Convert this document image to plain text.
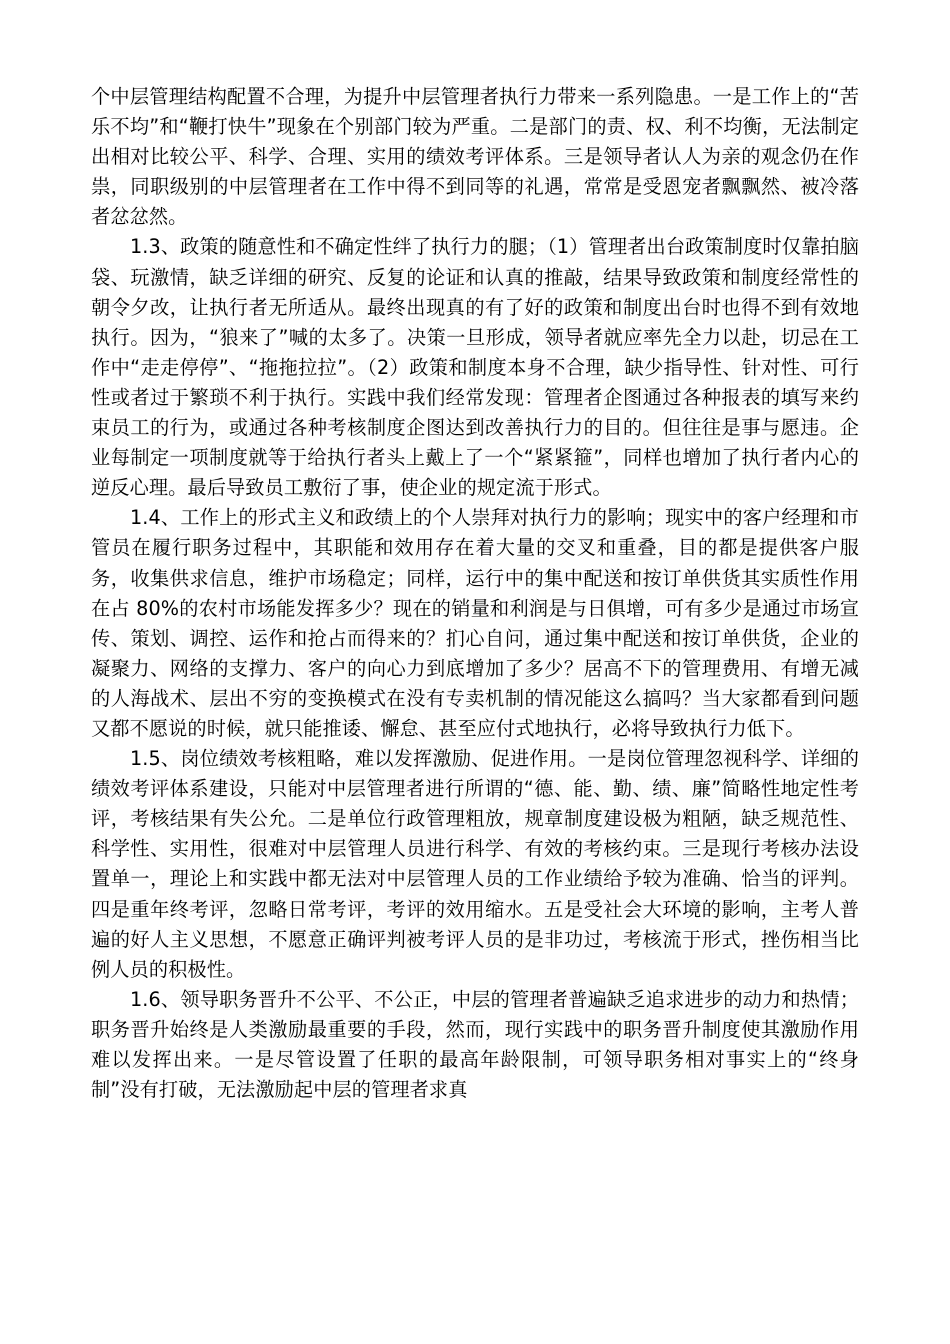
个中层管理结构配置不合理，为提升中层管理者执行力带来一系列隐患。一是工作上的“苦乐不均”和“鞭打快牛”现象在个别部门较为严重。二是部门的责、权、利不均衡，无法制定出相对比较公平、科学、合理、实用的绩效考评体系。三是领导者认人为亲的观念仍在作祟，同职级别的中层管理者在工作中得不到同等的礼遇，常常是受恩宠者飘飘然、被冷落者忿忿然。

1.3、政策的随意性和不确定性绊了执行力的腿；（1）管理者出台政策制度时仅靠拍脑袋、玩激情，缺乏详细的研究、反复的论证和认真的推敲，结果导致政策和制度经常性的朝令夕改，让执行者无所适从。最终出现真的有了好的政策和制度出台时也得不到有效地执行。因为，“狼来了”喊的太多了。决策一旦形成，领导者就应率先全力以赴，切忌在工作中“走走停停”、“拖拖拉拉”。（2）政策和制度本身不合理，缺少指导性、针对性、可行性或者过于繁琐不利于执行。实践中我们经常发现：管理者企图通过各种报表的填写来约束员工的行为，或通过各种考核制度企图达到改善执行力的目的。但往往是事与愿违。企业每制定一项制度就等于给执行者头上戴上了一个“紧紧箍”，同样也增加了执行者内心的逆反心理。最后导致员工敷衍了事，使企业的规定流于形式。

1.4、工作上的形式主义和政绩上的个人崇拜对执行力的影响；现实中的客户经理和市管员在履行职务过程中，其职能和效用存在着大量的交叉和重叠，目的都是提供客户服务，收集供求信息，维护市场稳定；同样，运行中的集中配送和按订单供货其实质性作用在占 80%的农村市场能发挥多少？现在的销量和利润是与日俱增，可有多少是通过市场宣传、策划、调控、运作和抢占而得来的？扪心自问，通过集中配送和按订单供货，企业的凝聚力、网络的支撑力、客户的向心力到底增加了多少？居高不下的管理费用、有增无减的人海战术、层出不穷的变换模式在没有专卖机制的情况能这么搞吗？当大家都看到问题又都不愿说的时候，就只能推诿、懈怠、甚至应付式地执行，必将导致执行力低下。

1.5、岗位绩效考核粗略，难以发挥激励、促进作用。一是岗位管理忽视科学、详细的绩效考评体系建设，只能对中层管理者进行所谓的“德、能、勤、绩、廉”简略性地定性考评，考核结果有失公允。二是单位行政管理粗放，规章制度建设极为粗陋，缺乏规范性、科学性、实用性，很难对中层管理人员进行科学、有效的考核约束。三是现行考核办法设置单一，理论上和实践中都无法对中层管理人员的工作业绩给予较为准确、恰当的评判。四是重年终考评，忽略日常考评，考评的效用缩水。五是受社会大环境的影响，主考人普遍的好人主义思想，不愿意正确评判被考评人员的是非功过，考核流于形式，挫伤相当比例人员的积极性。

1.6、领导职务晋升不公平、不公正，中层的管理者普遍缺乏追求进步的动力和热情；职务晋升始终是人类激励最重要的手段，然而，现行实践中的职务晋升制度使其激励作用难以发挥出来。一是尽管设置了任职的最高年龄限制，可领导职务相对事实上的“终身制”没有打破，无法激励起中层的管理者求真
